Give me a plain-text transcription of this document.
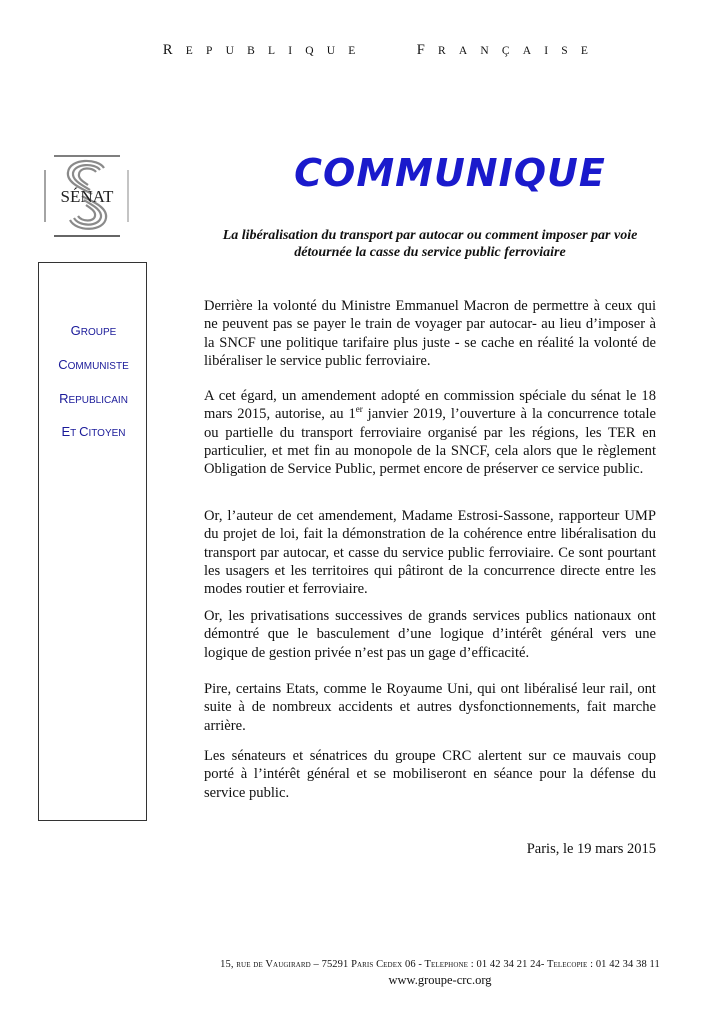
REPUBLIQUE	FRANÇAISE
SÉNAT
COMMUNIQUE
La libéralisation du transport par autocar ou comment imposer par voie
détournée la casse du service public ferroviaire
GROUPE
COMMUNISTE
REPUBLICAIN
ET CITOYEN

Derrière la volonté du Ministre Emmanuel Macron de permettre à ceux qui ne peuvent pas se payer le train de voyager par autocar- au lieu d’imposer à la SNCF une politique tarifaire plus juste - se cache en réalité la volonté de libéraliser le service public ferroviaire.

A cet égard, un amendement adopté en commission spéciale du sénat le 18 mars 2015, autorise, au 1er janvier 2019, l’ouverture à la concurrence totale ou partielle du transport ferroviaire organisé par les régions, les TER en particulier, et met fin au monopole de la SNCF, cela alors que le règlement Obligation de Service Public, permet encore de préserver ce service public.

Or, l’auteur de cet amendement, Madame Estrosi-Sassone, rapporteur UMP du projet de loi, fait la démonstration de la cohérence entre libéralisation du transport par autocar, et casse du service public ferroviaire. Ce sont pourtant les usagers et les territoires qui pâtiront de la concurrence directe entre les modes routier et ferroviaire.

Or, les privatisations successives de grands services publics nationaux ont démontré que le basculement d’une logique d’intérêt général vers une logique de gestion privée n’est pas un gage d’efficacité.

Pire, certains Etats, comme le Royaume Uni, qui ont libéralisé leur rail, ont suite à de nombreux accidents et autres dysfonctionnements, fait marche arrière.

Les sénateurs et sénatrices du groupe CRC alertent sur ce mauvais coup porté à l’intérêt général et se mobiliseront en séance pour la défense du service public.

Paris, le 19 mars 2015
15, rue de Vaugirard – 75291 Paris Cedex 06 - Telephone : 01 42 34 21 24- Telecopie : 01 42 34 38 11
www.groupe-crc.org
